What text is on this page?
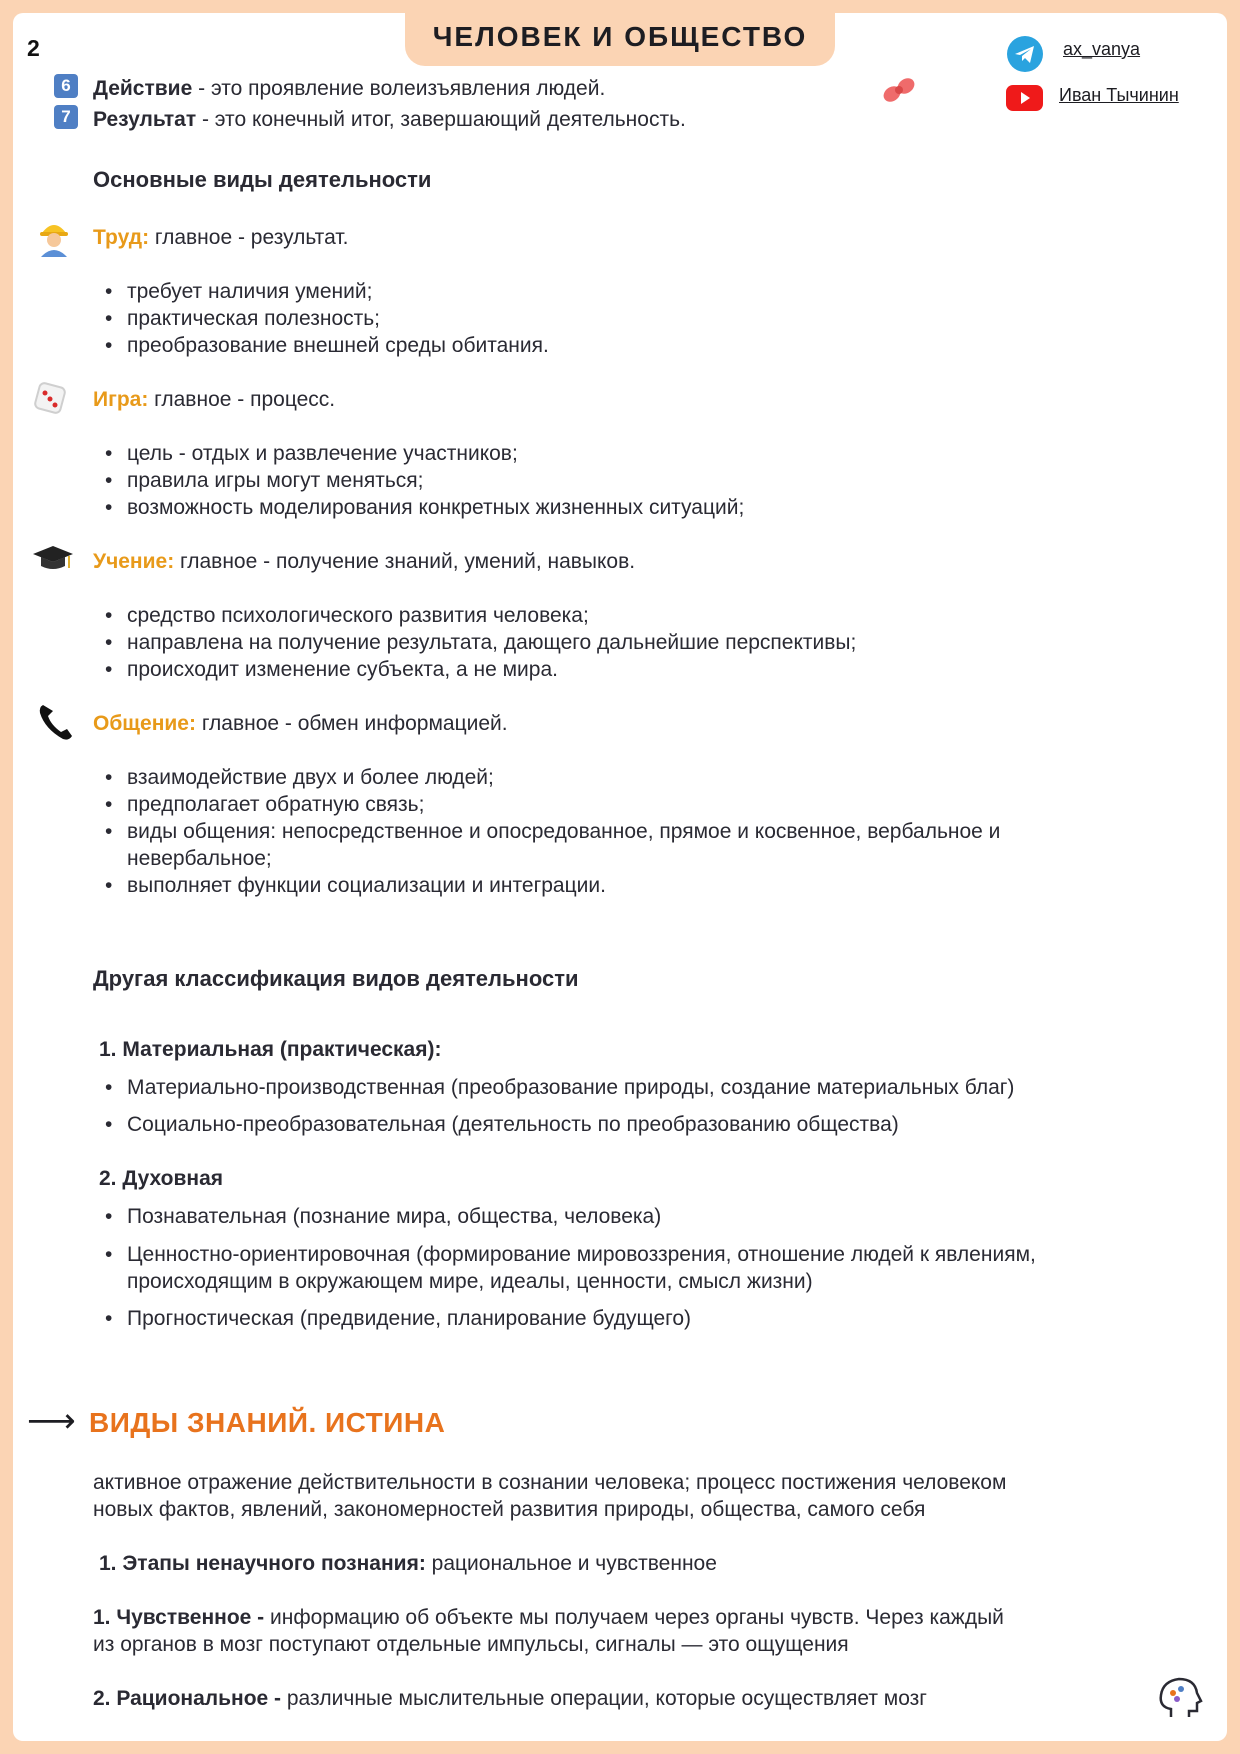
2	ЧЕЛОВЕК И ОБЩЕСТВО	ax_vanya
Иван Тычинин
6	Действие - это проявление волеизъявления людей.
7	Результат - это конечный итог, завершающий деятельность.
Основные виды деятельности
Труд: главное - результат.
• требует наличия умений;
• практическая полезность;
• преобразование внешней среды обитания.
Игра: главное - процесс.
• цель - отдых и развлечение участников;
• правила игры могут меняться;
• возможность моделирования конкретных жизненных ситуаций;
Учение: главное - получение знаний, умений, навыков.
• средство психологического развития человека;
• направлена на получение результата, дающего дальнейшие перспективы;
• происходит изменение субъекта, а не мира.
Общение: главное - обмен информацией.
• взаимодействие двух и более людей;
• предполагает обратную связь;
• виды общения: непосредственное и опосредованное, прямое и косвенное, вербальное и
невербальное;
• выполняет функции социализации и интеграции.
Другая классификация видов деятельности
1. Материальная (практическая):
• Материально-производственная (преобразование природы, создание материальных благ)
• Социально-преобразовательная (деятельность по преобразованию общества)
2. Духовная
• Познавательная (познание мира, общества, человека)
• Ценностно-ориентировочная (формирование мировоззрения, отношение людей к явлениям,
происходящим в окружающем мире, идеалы, ценности, смысл жизни)
• Прогностическая (предвидение, планирование будущего)
⟶ ВИДЫ ЗНАНИЙ. ИСТИНА
активное отражение действительности в сознании человека; процесс постижения человеком
новых фактов, явлений, закономерностей развития природы, общества, самого себя
1. Этапы ненаучного познания: рациональное и чувственное
1. Чувственное - информацию об объекте мы получаем через органы чувств. Через каждый
из органов в мозг поступают отдельные импульсы, сигналы — это ощущения
2. Рациональное - различные мыслительные операции, которые осуществляет мозг
